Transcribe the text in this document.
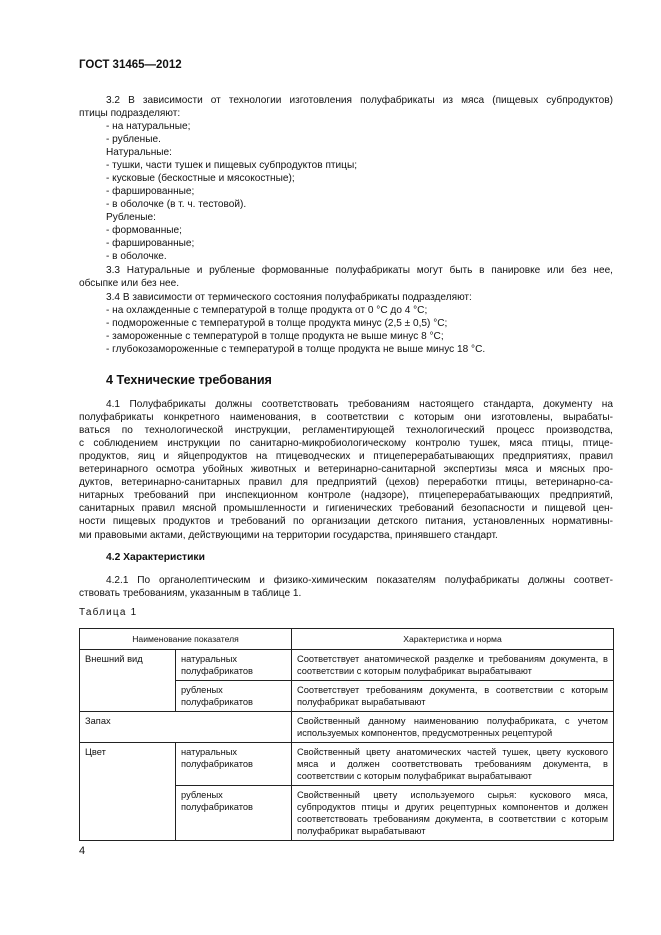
ГОСТ 31465—2012
3.2 В зависимости от технологии изготовления полуфабрикаты из мяса (пищевых субпродуктов)
птицы подразделяют:
- на натуральные;
- рубленые.
Натуральные:
- тушки, части тушек и пищевых субпродуктов птицы;
- кусковые (бескостные и мясокостные);
- фаршированные;
- в оболочке (в т. ч. тестовой).
Рубленые:
- формованные;
- фаршированные;
- в оболочке.
3.3 Натуральные и рубленые формованные полуфабрикаты могут быть в панировке или без нее,
обсыпке или без нее.
3.4 В зависимости от термического состояния полуфабрикаты подразделяют:
- на охлажденные с температурой в толще продукта от 0 °С до 4 °С;
- подмороженные с температурой в толще продукта минус (2,5 ± 0,5) °С;
- замороженные с температурой в толще продукта не выше минус 8 °С;
- глубокозамороженные с температурой в толще продукта не выше минус 18 °С.
4 Технические требования
4.1 Полуфабрикаты должны соответствовать требованиям настоящего стандарта, документу на
полуфабрикаты конкретного наименования, в соответствии с которым они изготовлены, вырабаты-
ваться по технологической инструкции, регламентирующей технологический процесс производства,
с соблюдением инструкции по санитарно-микробиологическому контролю тушек, мяса птицы, птице-
продуктов, яиц и яйцепродуктов на птицеводческих и птицеперерабатывающих предприятиях, правил
ветеринарного осмотра убойных животных и ветеринарно-санитарной экспертизы мяса и мясных про-
дуктов, ветеринарно-санитарных правил для предприятий (цехов) переработки птицы, ветеринарно-са-
нитарных требований при инспекционном контроле (надзоре), птицеперерабатывающих предприятий,
санитарных правил мясной промышленности и гигиенических требований безопасности и пищевой цен-
ности пищевых продуктов и требований по организации детского питания, установленных нормативны-
ми правовыми актами, действующими на территории государства, принявшего стандарт.
4.2 Характеристики
4.2.1 По органолептическим и физико-химическим показателям полуфабрикаты должны соответ-
ствовать требованиям, указанным в таблице 1.
Таблица 1
Наименование показателя		Характеристика и норма
Внешний вид	натуральных полуфабрикатов	Соответствует анатомической разделке и требованиям документа, в соответствии с которым полуфабрикат вырабатывают
	рубленых полуфабрикатов	Соответствует требованиям документа, в соответствии с которым полуфабрикат вырабатывают
Запах		Свойственный данному наименованию полуфабриката, с учетом используемых компонентов, предусмотренных рецептурой
Цвет	натуральных полуфабрикатов	Свойственный цвету анатомических частей тушек, цвету кускового мяса и должен соответствовать требованиям документа, в соответствии с которым полуфабрикат вырабатывают
	рубленых полуфабрикатов	Свойственный цвету используемого сырья: кускового мяса, субпродуктов птицы и других рецептурных компонентов и должен соответствовать требованиям документа, в соответствии с которым полуфабрикат вырабатывают
4
